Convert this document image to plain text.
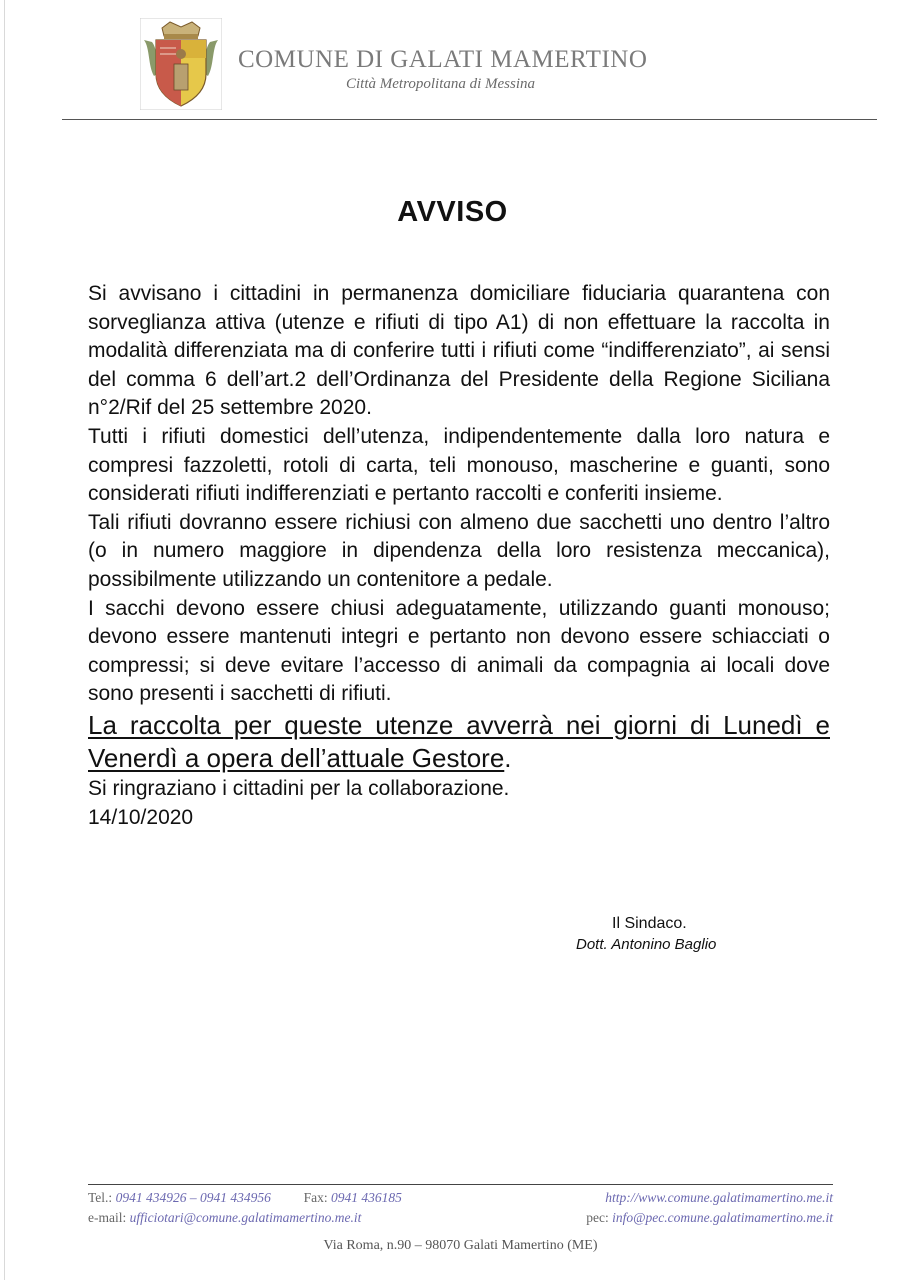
COMUNE DI GALATI MAMERTINO
Città Metropolitana di Messina
AVVISO

Si avvisano i cittadini in permanenza domiciliare fiduciaria quarantena con sorveglianza attiva (utenze e rifiuti di tipo A1) di non effettuare la raccolta in modalità differenziata ma di conferire tutti i rifiuti come “indifferenziato”, ai sensi del comma 6 dell’art.2 dell’Ordinanza del Presidente della Regione Siciliana n°2/Rif del 25 settembre 2020.

Tutti i rifiuti domestici dell’utenza, indipendentemente dalla loro natura e compresi fazzoletti, rotoli di carta, teli monouso, mascherine e guanti, sono considerati rifiuti indifferenziati e pertanto raccolti e conferiti insieme.

Tali rifiuti dovranno essere richiusi con almeno due sacchetti uno dentro l’altro (o in numero maggiore in dipendenza della loro resistenza meccanica), possibilmente utilizzando un contenitore a pedale.

I sacchi devono essere chiusi adeguatamente, utilizzando guanti monouso; devono essere mantenuti integri e pertanto non devono essere schiacciati o compressi; si deve evitare l’accesso di animali da compagnia ai locali dove sono presenti i sacchetti di rifiuti.

La raccolta per queste utenze avverrà nei giorni di Lunedì e Venerdì a opera dell’attuale Gestore.

Si ringraziano i cittadini per la collaborazione.

14/10/2020

Il Sindaco.
Dott. Antonino Baglio
Tel.: 0941 434926 – 0941 434956 Fax: 0941 436185	http://www.comune.galatimamertino.me.it
e-mail: ufficiotari@comune.galatimamertino.me.it	pec: info@pec.comune.galatimamertino.me.it
Via Roma, n.90 – 98070 Galati Mamertino (ME)
